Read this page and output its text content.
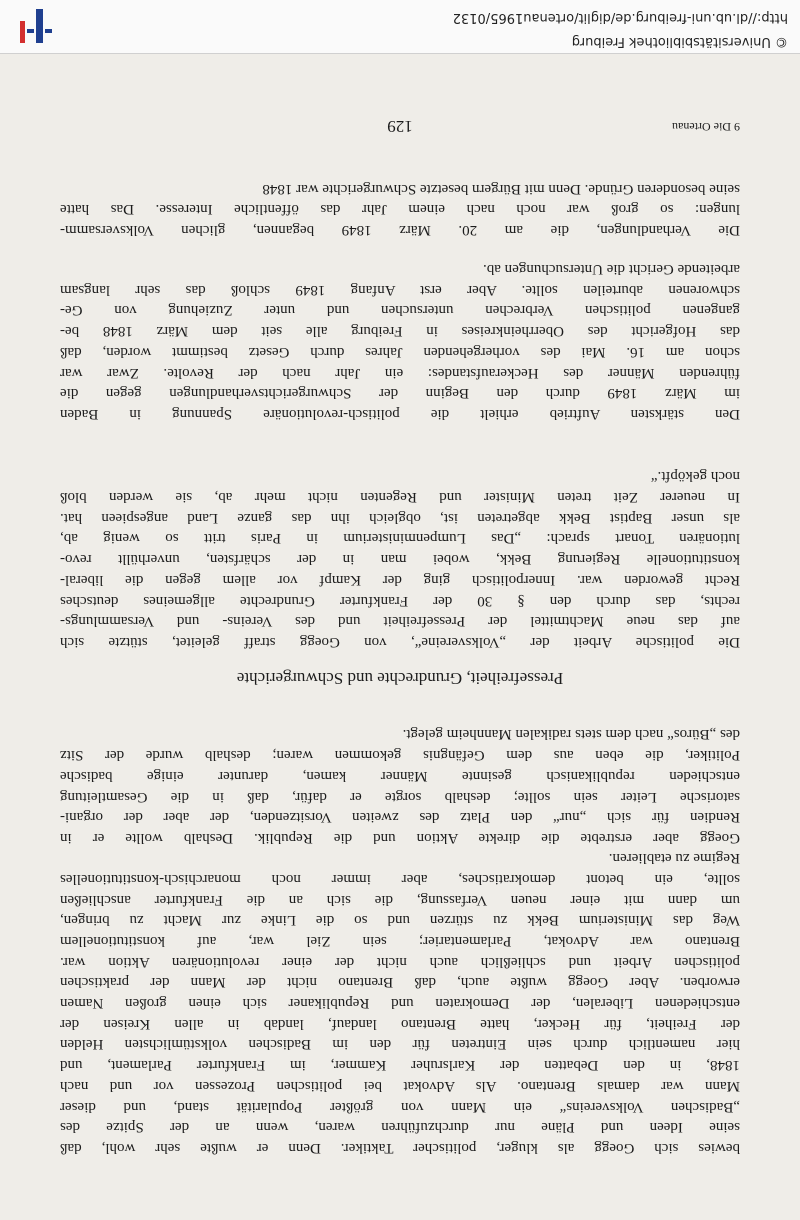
bewies sich Goegg als kluger, politischer Taktiker. Denn er wußte sehr wohl, daß
seine Ideen und Pläne nur durchzuführen waren, wenn an der Spitze des
„Badischen Volksvereins“ ein Mann von größter Popularität stand, und dieser
Mann war damals Brentano. Als Advokat bei politischen Prozessen vor und nach
1848, in den Debatten der Karlsruher Kammer, im Frankfurter Parlament, und
hier namentlich durch sein Eintreten für den im Badischen volkstümlichsten Helden
der Freiheit, für Hecker, hatte Brentano landauf, landab in allen Kreisen der
entschiedenen Liberalen, der Demokraten und Republikaner sich einen großen Namen
erworben. Aber Goegg wußte auch, daß Brentano nicht der Mann der praktischen
politischen Arbeit und schließlich auch nicht der einer revolutionären Aktion war.
Brentano war Advokat, Parlamentarier; sein Ziel war, auf konstitutionellem
Weg das Ministerium Bekk zu stürzen und so die Linke zur Macht zu bringen,
um dann mit einer neuen Verfassung, die sich an die Frankfurter anschließen
sollte, ein betont demokratisches, aber immer noch monarchisch-konstitutionelles
Regime zu etablieren.
Goegg aber erstrebte die direkte Aktion und die Republik. Deshalb wollte er in
Rendien für sich „nur“ den Platz des zweiten Vorsitzenden, der aber der organi-
satorische Leiter sein sollte; deshalb sorgte er dafür, daß in die Gesamtleitung
entschieden republikanisch gesinnte Männer kamen, darunter einige badische
Politiker, die eben aus dem Gefängnis gekommen waren; deshalb wurde der Sitz
des „Büros“ nach dem stets radikalen Mannheim gelegt.
Die politische Arbeit der „Volksvereine“, von Goegg straff geleitet, stützte sich
auf das neue Machtmittel der Pressefreiheit und des Vereins- und Versammlungs-
rechts, das durch den § 30 der Frankfurter Grundrechte allgemeines deutsches
Recht geworden war. Innerpolitisch ging der Kampf vor allem gegen die liberal-
konstitutionelle Regierung Bekk, wobei man in der schärfsten, unverhüllt revo-
lutionären Tonart sprach: „Das Lumpenministerium in Paris tritt so wenig ab,
als unser Baptist Bekk abgetreten ist, obgleich ihn das ganze Land angespieen hat.
In neuerer Zeit treten Minister und Regenten nicht mehr ab, sie werden bloß
noch geköpft.“
Den stärksten Auftrieb erhielt die politisch-revolutionäre Spannung in Baden
im März 1849 durch den Beginn der Schwurgerichtsverhandlungen gegen die
führenden Männer des Heckeraufstandes: ein Jahr nach der Revolte. Zwar war
schon am 16. Mai des vorhergehenden Jahres durch Gesetz bestimmt worden, daß
das Hofgericht des Oberrheinkreises in Freiburg alle seit dem März 1848 be-
gangenen politischen Verbrechen untersuchen und unter Zuziehung von Ge-
schworenen aburteilen sollte. Aber erst Anfang 1849 schloß das sehr langsam
arbeitende Gericht die Untersuchungen ab.
Die Verhandlungen, die am 20. März 1849 begannen, glichen Volksversamm-
lungen: so groß war noch nach einem Jahr das öffentliche Interesse. Das hatte
seine besonderen Gründe. Denn mit Bürgern besetzte Schwurgerichte war 1848
Pressefreiheit, Grundrechte und Schwurgerichte
9 Die Ortenau
129
© Universitätsbibliothek Freiburg
http://dl.ub.uni-freiburg.de/diglit/ortenau1965/0132
